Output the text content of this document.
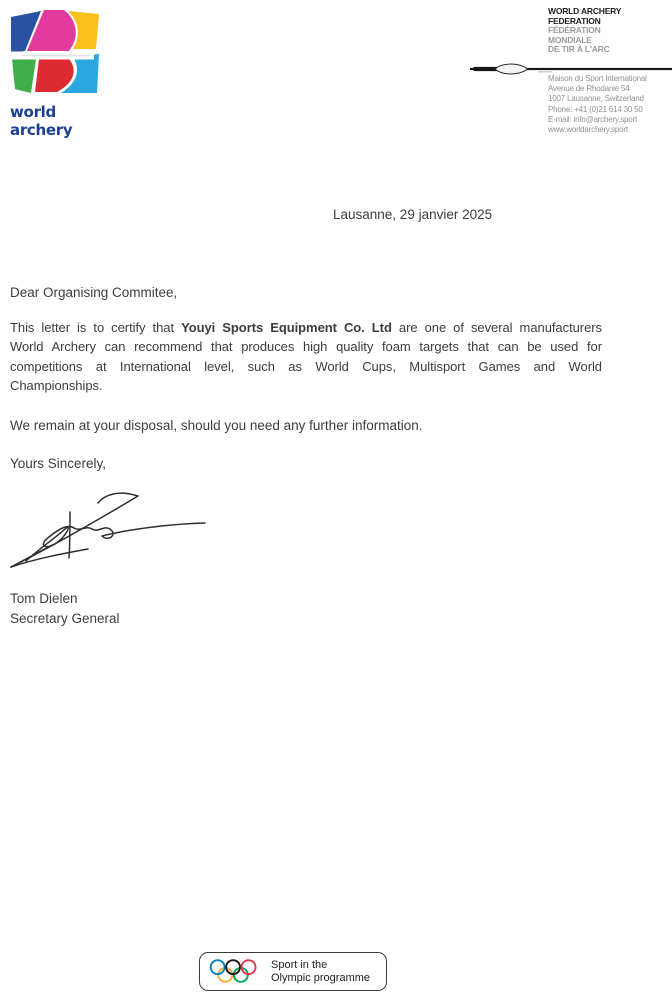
world archery
WORLD ARCHERY
FEDERATION
FÉDÉRATION
MONDIALE
DE TIR À L'ARC
Maison du Sport International
Avenue de Rhodanie 54
1007 Lausanne, Switzerland
Phone: +41 (0)21 614 30 50
E-mail: info@archery.sport
www.worldarchery.sport
Lausanne, 29 janvier 2025
Dear Organising Commitee,
This letter is to certify that Youyi Sports Equipment Co. Ltd are one of several manufacturers
World Archery can recommend that produces high quality foam targets that can be used for
competitions at International level, such as World Cups, Multisport Games and World
Championships.
We remain at your disposal, should you need any further information.
Yours Sincerely,
Tom Dielen
Secretary General
Sport in the
Olympic programme
